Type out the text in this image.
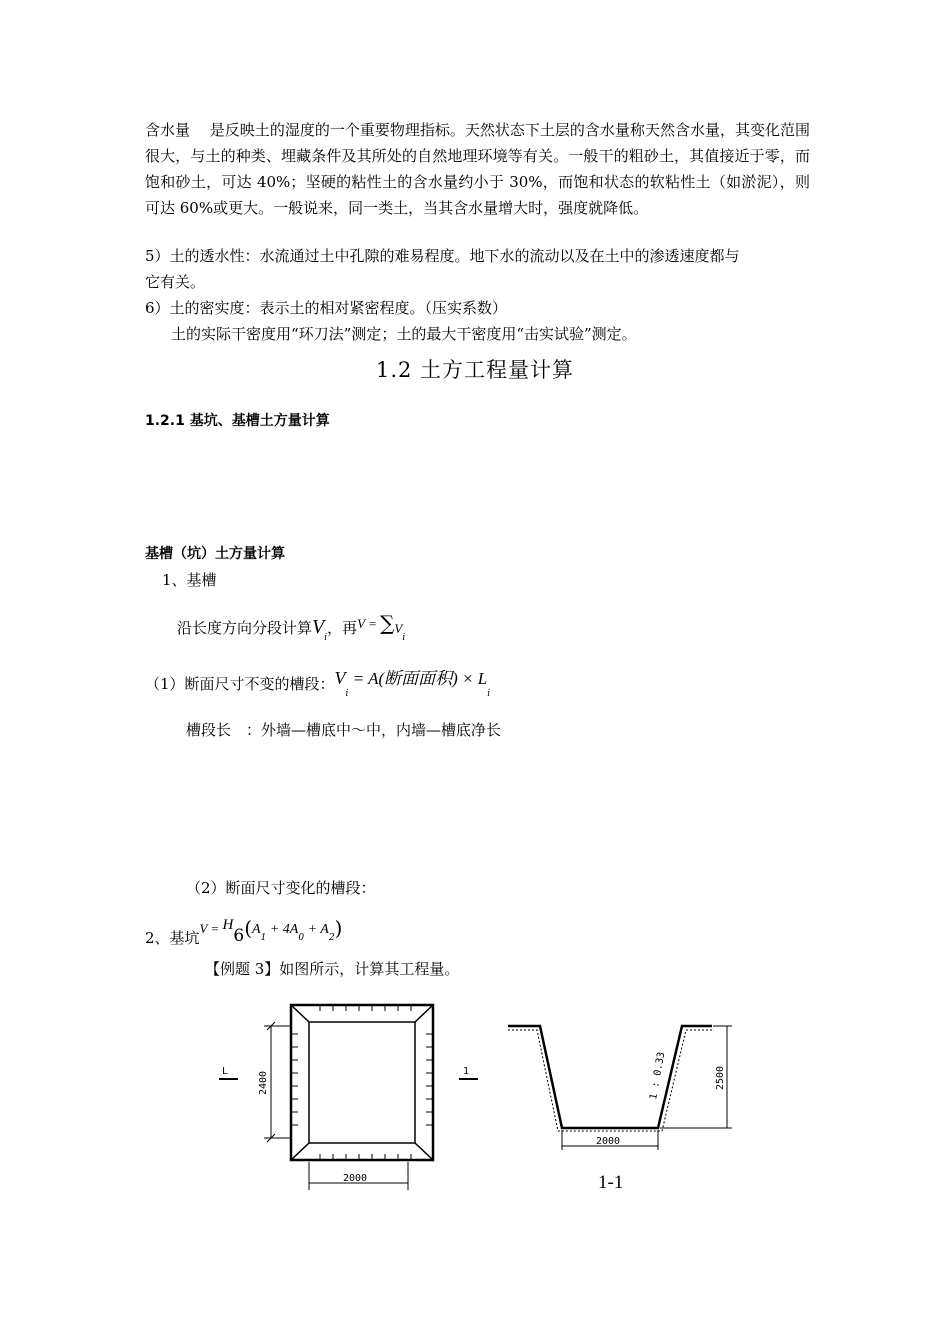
含水量　 是反映土的湿度的一个重要物理指标。天然状态下土层的含水量称天然含水量，其变化范围很大，与土的种类、埋藏条件及其所处的自然地理环境等有关。一般干的粗砂土，其值接近于零，而饱和砂土，可达 40%；坚硬的粘性土的含水量约小于 30%，而饱和状态的软粘性土（如淤泥），则可达 60%或更大。一般说来，同一类土，当其含水量增大时，强度就降低。
5）土的透水性：水流通过土中孔隙的难易程度。地下水的流动以及在土中的渗透速度都与
它有关。
6）土的密实度：表示土的相对紧密程度。（压实系数）
土的实际干密度用“环刀法”测定；土的最大干密度用“击实试验”测定。
1.2 土方工程量计算
1.2.1 基坑、基槽土方量计算
基槽（坑）土方量计算
1、基槽
沿长度方向分段计算$V_i$，再$V = \sum V_i$
（1）断面尺寸不变的槽段：$V_i = A$(断面面积) × $L_i$
槽段长　：外墙—槽底中～中，内墙—槽底净长
（2）断面尺寸变化的槽段：
2、基坑$V = H6(A_1 + 4A_0 + A_2)$
【例题 3】如图所示，计算其工程量。
2400
2000
L	1	1 : 0.33	2500
2000
1-1
